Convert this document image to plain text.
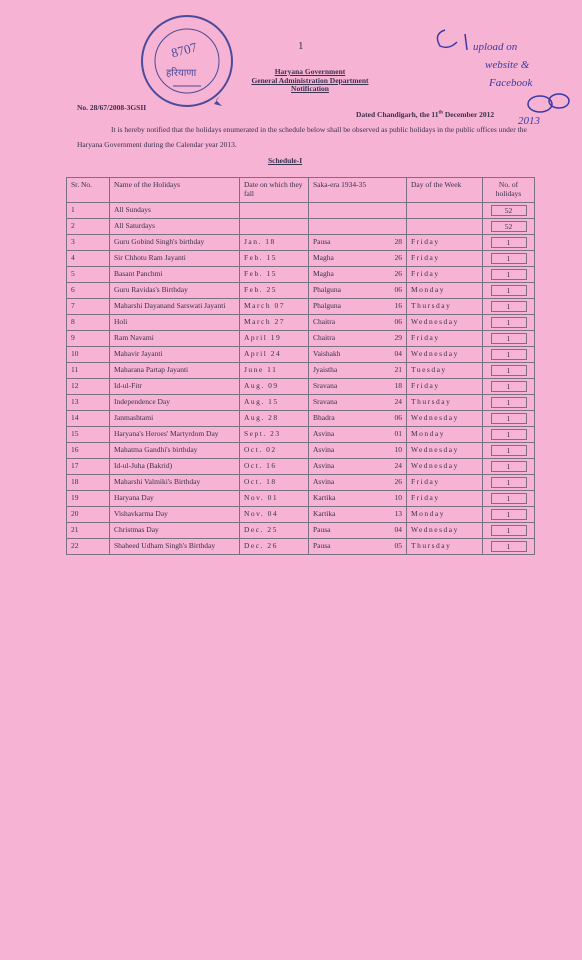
1
8707
हरियाणा
upload on
website &
Facebook
2013
Haryana Government
General Administration Department
Notification
No. 28/67/2008-3GSII
Dated Chandigarh, the 11th December 2012
It is hereby notified that the holidays enumerated in the schedule below shall be observed as public holidays in the public offices under the Haryana Government during the Calendar year 2013.
Schedule-I
Sr. No.	Name of the Holidays	Date on which they fall	Saka-era 1934-35	Day of the Week	No. of holidays
1	All Sundays				52
2	All Saturdays				52
3	Guru Gobind Singh's birthday	Jan. 18	Pausa 28	Friday	1
4	Sir Chhotu Ram Jayanti	Feb. 15	Magha 26	Friday	1
5	Basant Panchmi	Feb. 15	Magha 26	Friday	1
6	Guru Ravidas's Birthday	Feb. 25	Phalguna 06	Monday	1
7	Maharshi Dayanand Sarswati Jayanti	March 07	Phalguna 16	Thursday	1
8	Holi	March 27	Chaitra 06	Wednesday	1
9	Ram Navami	April 19	Chaitra 29	Friday	1
10	Mahavir Jayanti	April 24	Vaishakh 04	Wednesday	1
11	Maharana Partap Jayanti	June 11	Jyaistha 21	Tuesday	1
12	Id-ul-Fitr	Aug. 09	Sravana 18	Friday	1
13	Independence Day	Aug. 15	Sravana 24	Thursday	1
14	Janmashtami	Aug. 28	Bhadra 06	Wednesday	1
15	Haryana's Heroes' Martyrdom Day	Sept. 23	Asvina 01	Monday	1
16	Mahatma Gandhi's birthday	Oct. 02	Asvina 10	Wednesday	1
17	Id-ul-Juha (Bakrid)	Oct. 16	Asvina 24	Wednesday	1
18	Maharshi Valmiki's Birthday	Oct. 18	Asvina 26	Friday	1
19	Haryana Day	Nov. 01	Kartika 10	Friday	1
20	Vishavkarma Day	Nov. 04	Kartika 13	Monday	1
21	Christmas Day	Dec. 25	Pausa 04	Wednesday	1
22	Shaheed Udham Singh's Birthday	Dec. 26	Pausa 05	Thursday	1
